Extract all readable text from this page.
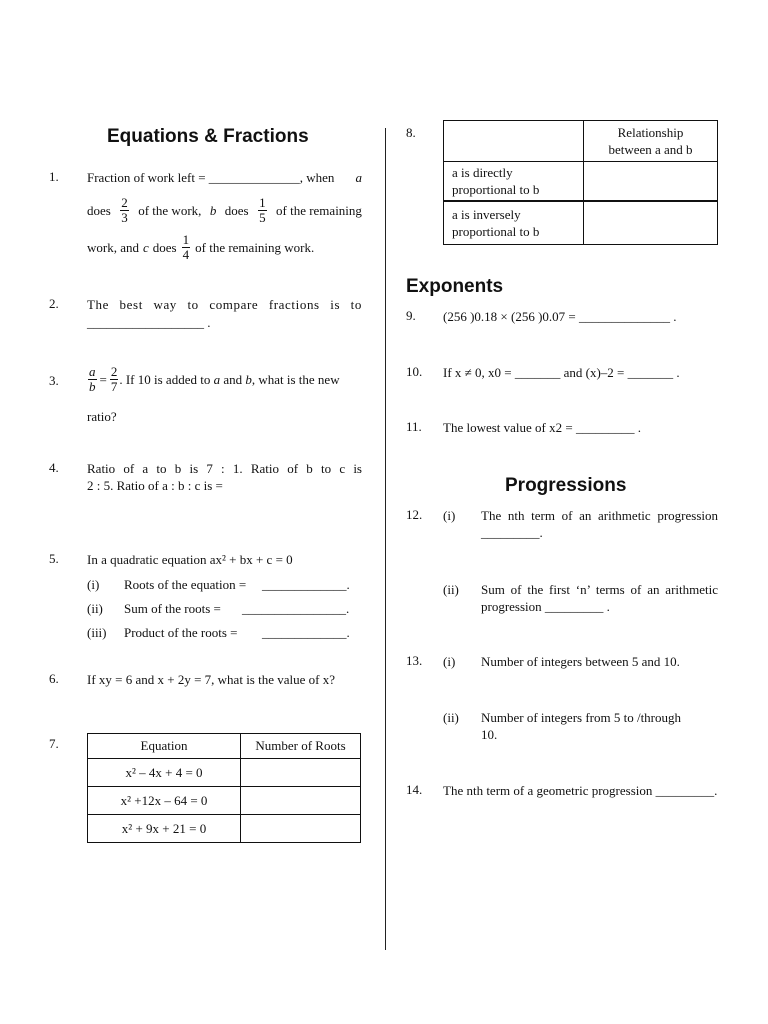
Equations & Fractions
1. Fraction of work left = ______________, when a
does $\frac{2}{3}$ of the work, b does $\frac{1}{5}$ of the remaining
work, and c does $\frac{1}{4}$ of the remaining work.
2. The best way to compare fractions is to
__________________ .
3. $\frac{a}{b} = \frac{2}{7}$ . If 10 is added to
a
and
b , what is the new
ratio?
4. Ratio of a to b is 7 : 1. Ratio of b to c is
2 : 5. Ratio of a : b : c is =
5. In a quadratic equation ax² + bx + c = 0
(i) Roots of the equation = _____________.
(ii) Sum of the roots = ________________.
(iii) Product of the roots = _____________.
6. If xy = 6 and x + 2y = 7, what is the value of x?
7.	Equation	Number of Roots
x² – 4x + 4 = 0	
x² +12x – 64 = 0	
x² + 9x + 21 = 0	
8.
		Relationship between a and b
a is directly proportional to b	
a is inversely proportional to b	
Exponents
9. (256 )0.18 × (256 )0.07 = ______________ .
10. If x ≠ 0, x0 = _______ and (x)–2 = _______ .
11. The lowest value of x2 = _________ .
Progressions
12. (i) The nth term of an arithmetic progression
_________.
(ii) Sum of the first ‘n’ terms of an arithmetic
progression _________ .
13. (i) Number of integers between 5 and 10.
(ii) Number of integers from 5 to /through
10.
14. The nth term of a geometric progression _________.
